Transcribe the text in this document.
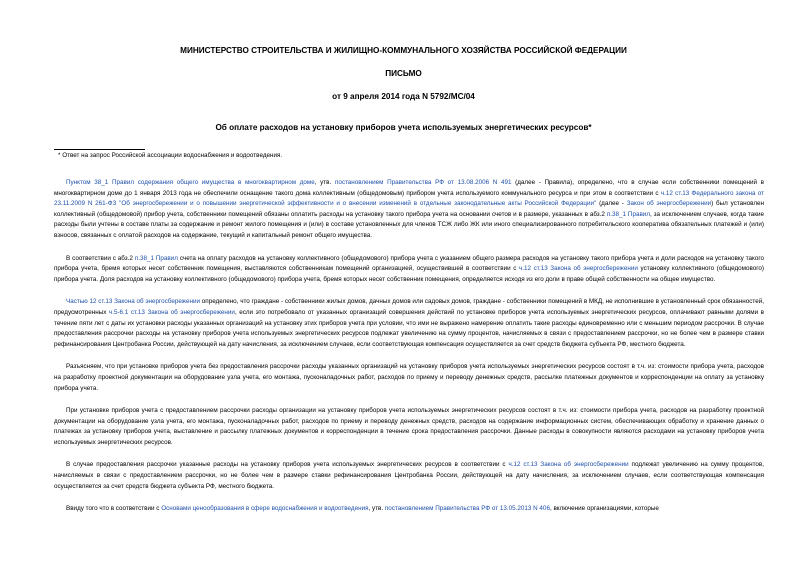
МИНИСТЕРСТВО СТРОИТЕЛЬСТВА И ЖИЛИЩНО-КОММУНАЛЬНОГО ХОЗЯЙСТВА РОССИЙСКОЙ ФЕДЕРАЦИИ
ПИСЬМО
от 9 апреля 2014 года N 5792/МС/04
Об оплате расходов на установку приборов учета используемых энергетических ресурсов*
* Ответ на запрос Российской ассоциации водоснабжения и водоотведения.

Пунктом 38_1 Правил содержания общего имущества в многоквартирном доме, утв. постановлением Правительства РФ от 13.08.2006 N 491 (далее - Правила), определено, что в случае если собственники помещений в многоквартирном доме до 1 января 2013 года не обеспечили оснащение такого дома коллективным (общедомовым) прибором учета используемого коммунального ресурса и при этом в соответствии с ч.12 ст.13 Федерального закона от 23.11.2009 N 261-ФЗ "Об энергосбережении и о повышении энергетической эффективности и о внесении изменений в отдельные законодательные акты Российской Федерации" (далее - Закон об энергосбережении) был установлен коллективный (общедомовой) прибор учета, собственники помещений обязаны оплатить расходы на установку такого прибора учета на основании счетов и в размере, указанных в абз.2 п.38_1 Правил, за исключением случаев, когда такие расходы были учтены в составе платы за содержание и ремонт жилого помещения и (или) в составе установленных для членов ТСЖ либо ЖК или иного специализированного потребительского кооператива обязательных платежей и (или) взносов, связанных с оплатой расходов на содержание, текущий и капитальный ремонт общего имущества.

В соответствии с абз.2 п.38_1 Правил счета на оплату расходов на установку коллективного (общедомового) прибора учета с указанием общего размера расходов на установку такого прибора учета и доли расходов на установку такого прибора учета, бремя которых несет собственник помещения, выставляются собственникам помещений организацией, осуществившей в соответствии с ч.12 ст.13 Закона об энергосбережении установку коллективного (общедомового) прибора учета. Доля расходов на установку коллективного (общедомового) прибора учета, бремя которых несет собственник помещения, определяется исходя из его доли в праве общей собственности на общее имущество.

Частью 12 ст.13 Закона об энергосбережении определено, что граждане - собственники жилых домов, дачных домов или садовых домов, граждане - собственники помещений в МКД, не исполнившие в установленный срок обязанностей, предусмотренных ч.5-6.1 ст.13 Закона об энергосбережении, если это потребовало от указанных организаций совершения действий по установке приборов учета используемых энергетических ресурсов, оплачивают равными долями в течение пяти лет с даты их установки расходы указанных организаций на установку этих приборов учета при условии, что ими не выражено намерение оплатить такие расходы единовременно или с меньшим периодом рассрочки. В случае предоставления рассрочки расходы на установку приборов учета используемых энергетических ресурсов подлежат увеличению на сумму процентов, начисляемых в связи с предоставлением рассрочки, но не более чем в размере ставки рефинансирования Центробанка России, действующей на дату начисления, за исключением случаев, если соответствующая компенсация осуществляется за счет средств бюджета субъекта РФ, местного бюджета.

Разъясняем, что при установке приборов учета без предоставления рассрочки расходы указанных организаций на установку приборов учета используемых энергетических ресурсов состоят в т.ч. из: стоимости прибора учета, расходов на разработку проектной документации на оборудование узла учета, его монтажа, пусконаладочных работ, расходов по приему и переводу денежных средств, рассылке платежных документов и корреспонденции на оплату за установку прибора учета.

При установке приборов учета с предоставлением рассрочки расходы организации на установку приборов учета используемых энергетических ресурсов состоят в т.ч. из: стоимости прибора учета, расходов на разработку проектной документации на оборудование узла учета, его монтажа, пусконаладочных работ, расходов по приему и переводу денежных средств, расходов на содержание информационных систем, обеспечивающих обработку и хранение данных о платежах за установку приборов учета, выставление и рассылку платежных документов и корреспонденции в течение срока предоставления рассрочки. Данные расходы в совокупности являются расходами на установку приборов учета используемых энергетических ресурсов.

В случае предоставления рассрочки указанные расходы на установку приборов учета используемых энергетических ресурсов в соответствии с ч.12 ст.13 Закона об энергосбережении подлежат увеличению на сумму процентов, начисляемых в связи с предоставлением рассрочки, но не более чем в размере ставки рефинансирования Центробанка России, действующей на дату начисления, за исключением случаев, если соответствующая компенсация осуществляется за счет средств бюджета субъекта РФ, местного бюджета.

Ввиду того что в соответствии с Основами ценообразования в сфере водоснабжения и водоотведения, утв. постановлением Правительства РФ от 13.05.2013 N 406, включение организациями, которые
